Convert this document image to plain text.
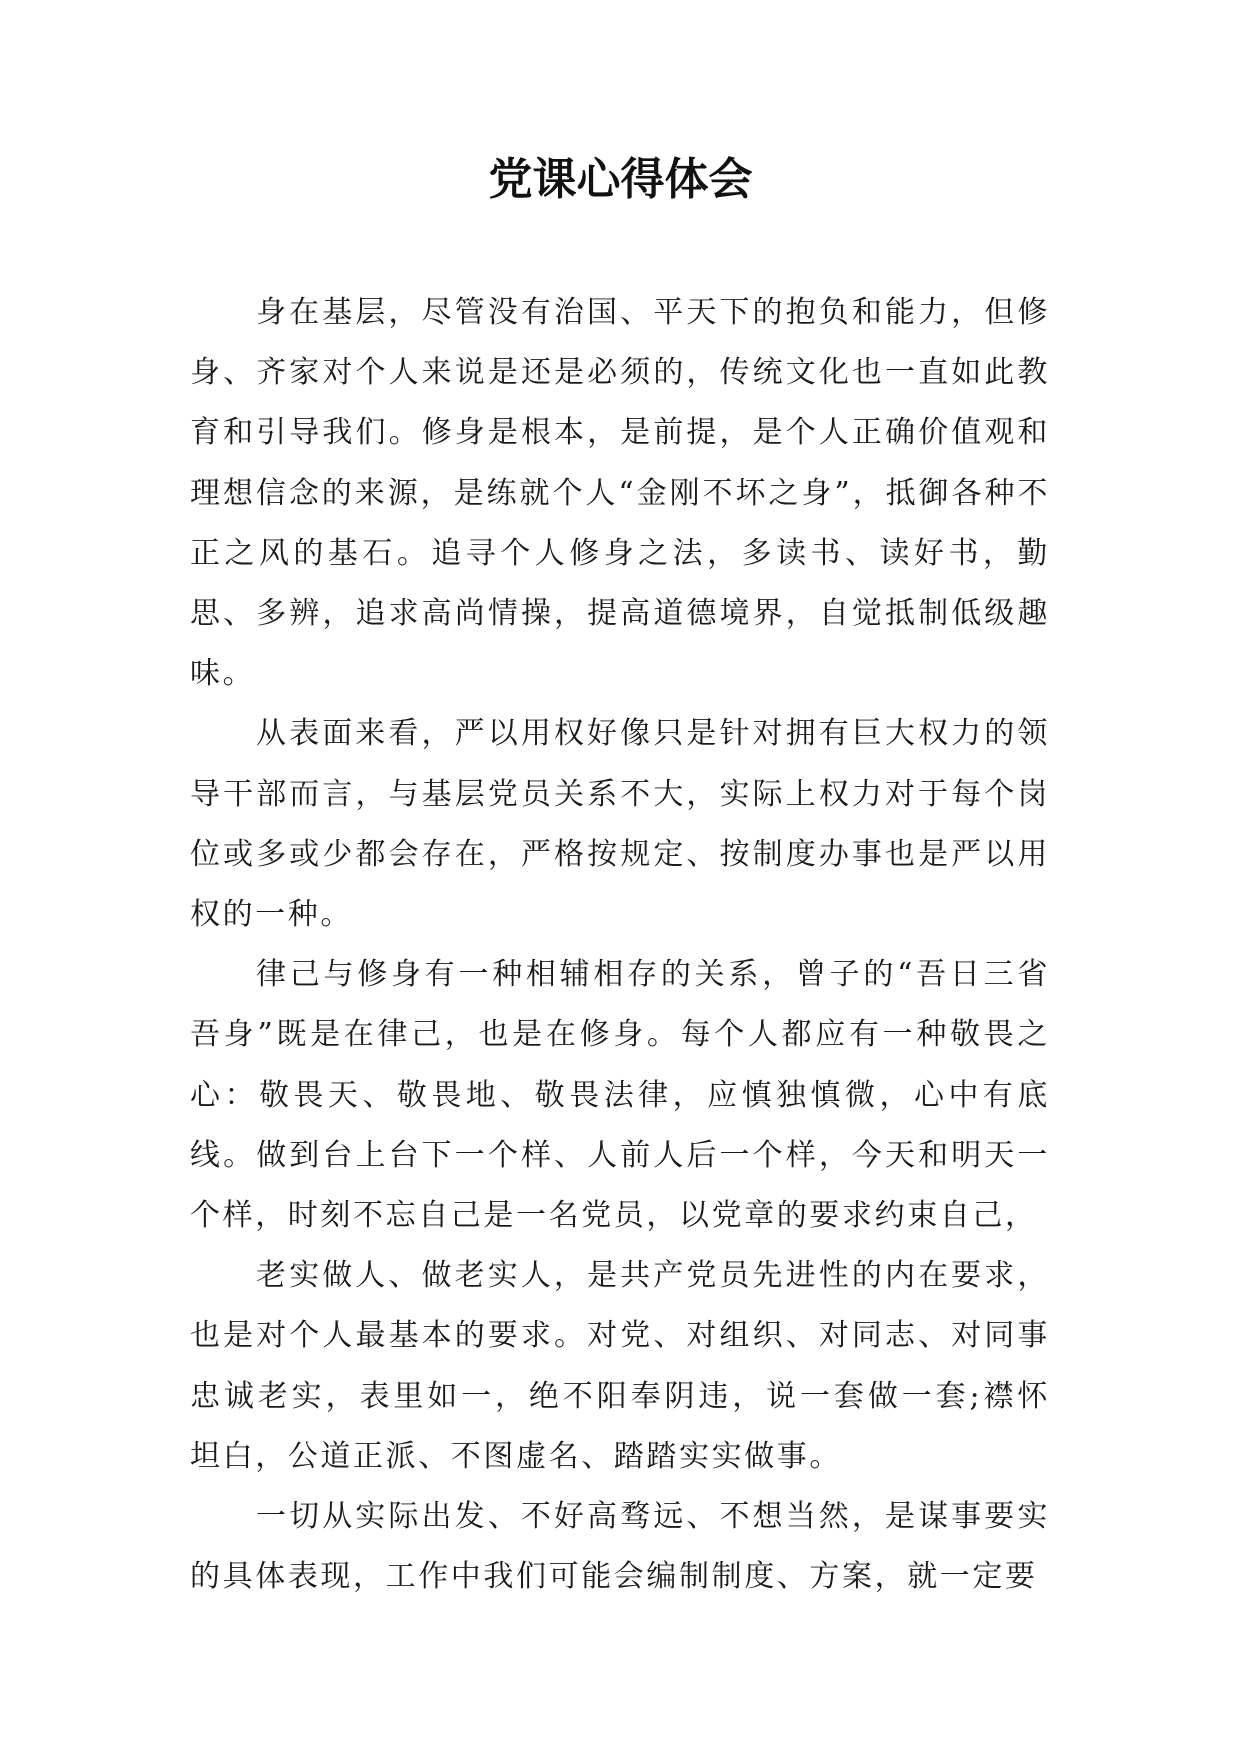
党课心得体会

身在基层，尽管没有治国、平天下的抱负和能力，但修身、齐家对个人来说是还是必须的，传统文化也一直如此教育和引导我们。修身是根本，是前提，是个人正确价值观和理想信念的来源，是练就个人“金刚不坏之身”，抵御各种不正之风的基石。追寻个人修身之法，多读书、读好书，勤思、多辨，追求高尚情操，提高道德境界，自觉抵制低级趣味。

从表面来看，严以用权好像只是针对拥有巨大权力的领导干部而言，与基层党员关系不大，实际上权力对于每个岗位或多或少都会存在，严格按规定、按制度办事也是严以用权的一种。

律己与修身有一种相辅相存的关系，曾子的“吾日三省吾身”既是在律己，也是在修身。每个人都应有一种敬畏之心：敬畏天、敬畏地、敬畏法律，应慎独慎微，心中有底线。做到台上台下一个样、人前人后一个样，今天和明天一个样，时刻不忘自己是一名党员，以党章的要求约束自己，

老实做人、做老实人，是共产党员先进性的内在要求，也是对个人最基本的要求。对党、对组织、对同志、对同事忠诚老实，表里如一，绝不阳奉阴违，说一套做一套;襟怀坦白，公道正派、不图虚名、踏踏实实做事。

一切从实际出发、不好高骛远、不想当然，是谋事要实的具体表现，工作中我们可能会编制制度、方案，就一定要
